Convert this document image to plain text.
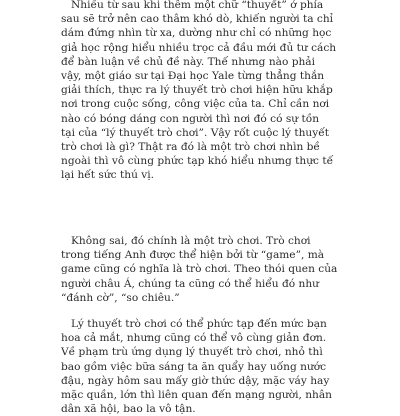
Nhiều từ sau khi thêm một chữ “thuyết” ở phía
sau sẽ trở nên cao thâm khó dò, khiến người ta chỉ
dám đứng nhìn từ xa, dường như chỉ có những học
giả học rộng hiểu nhiều trọc cả đầu mới đủ tư cách
để bàn luận về chủ đề này. Thế nhưng nào phải
vậy, một giáo sư tại Đại học Yale từng thẳng thắn
giải thích, thực ra lý thuyết trò chơi hiện hữu khắp
nơi trong cuộc sống, công việc của ta. Chỉ cần nơi
nào có bóng dáng con người thì nơi đó có sự tồn
tại của “lý thuyết trò chơi”. Vậy rốt cuộc lý thuyết
trò chơi là gì? Thật ra đó là một trò chơi nhìn bề
ngoài thì vô cùng phức tạp khó hiểu nhưng thực tế
lại hết sức thú vị.
Không sai, đó chính là một trò chơi. Trò chơi
trong tiếng Anh được thể hiện bởi từ “game”, mà
game cũng có nghĩa là trò chơi. Theo thói quen của
người châu Á, chúng ta cũng có thể hiểu đó như
“đánh cờ”, “so chiêu.”
Lý thuyết trò chơi có thể phức tạp đến mức bạn
hoa cả mắt, nhưng cũng có thể vô cùng giản đơn.
Về phạm trù ứng dụng lý thuyết trò chơi, nhỏ thì
bao gồm việc bữa sáng ta ăn quẩy hay uống nước
đậu, ngày hôm sau mấy giờ thức dậy, mặc váy hay
mặc quần, lớn thì liên quan đến mạng người, nhân
dân xã hội, bao la vô tận.
